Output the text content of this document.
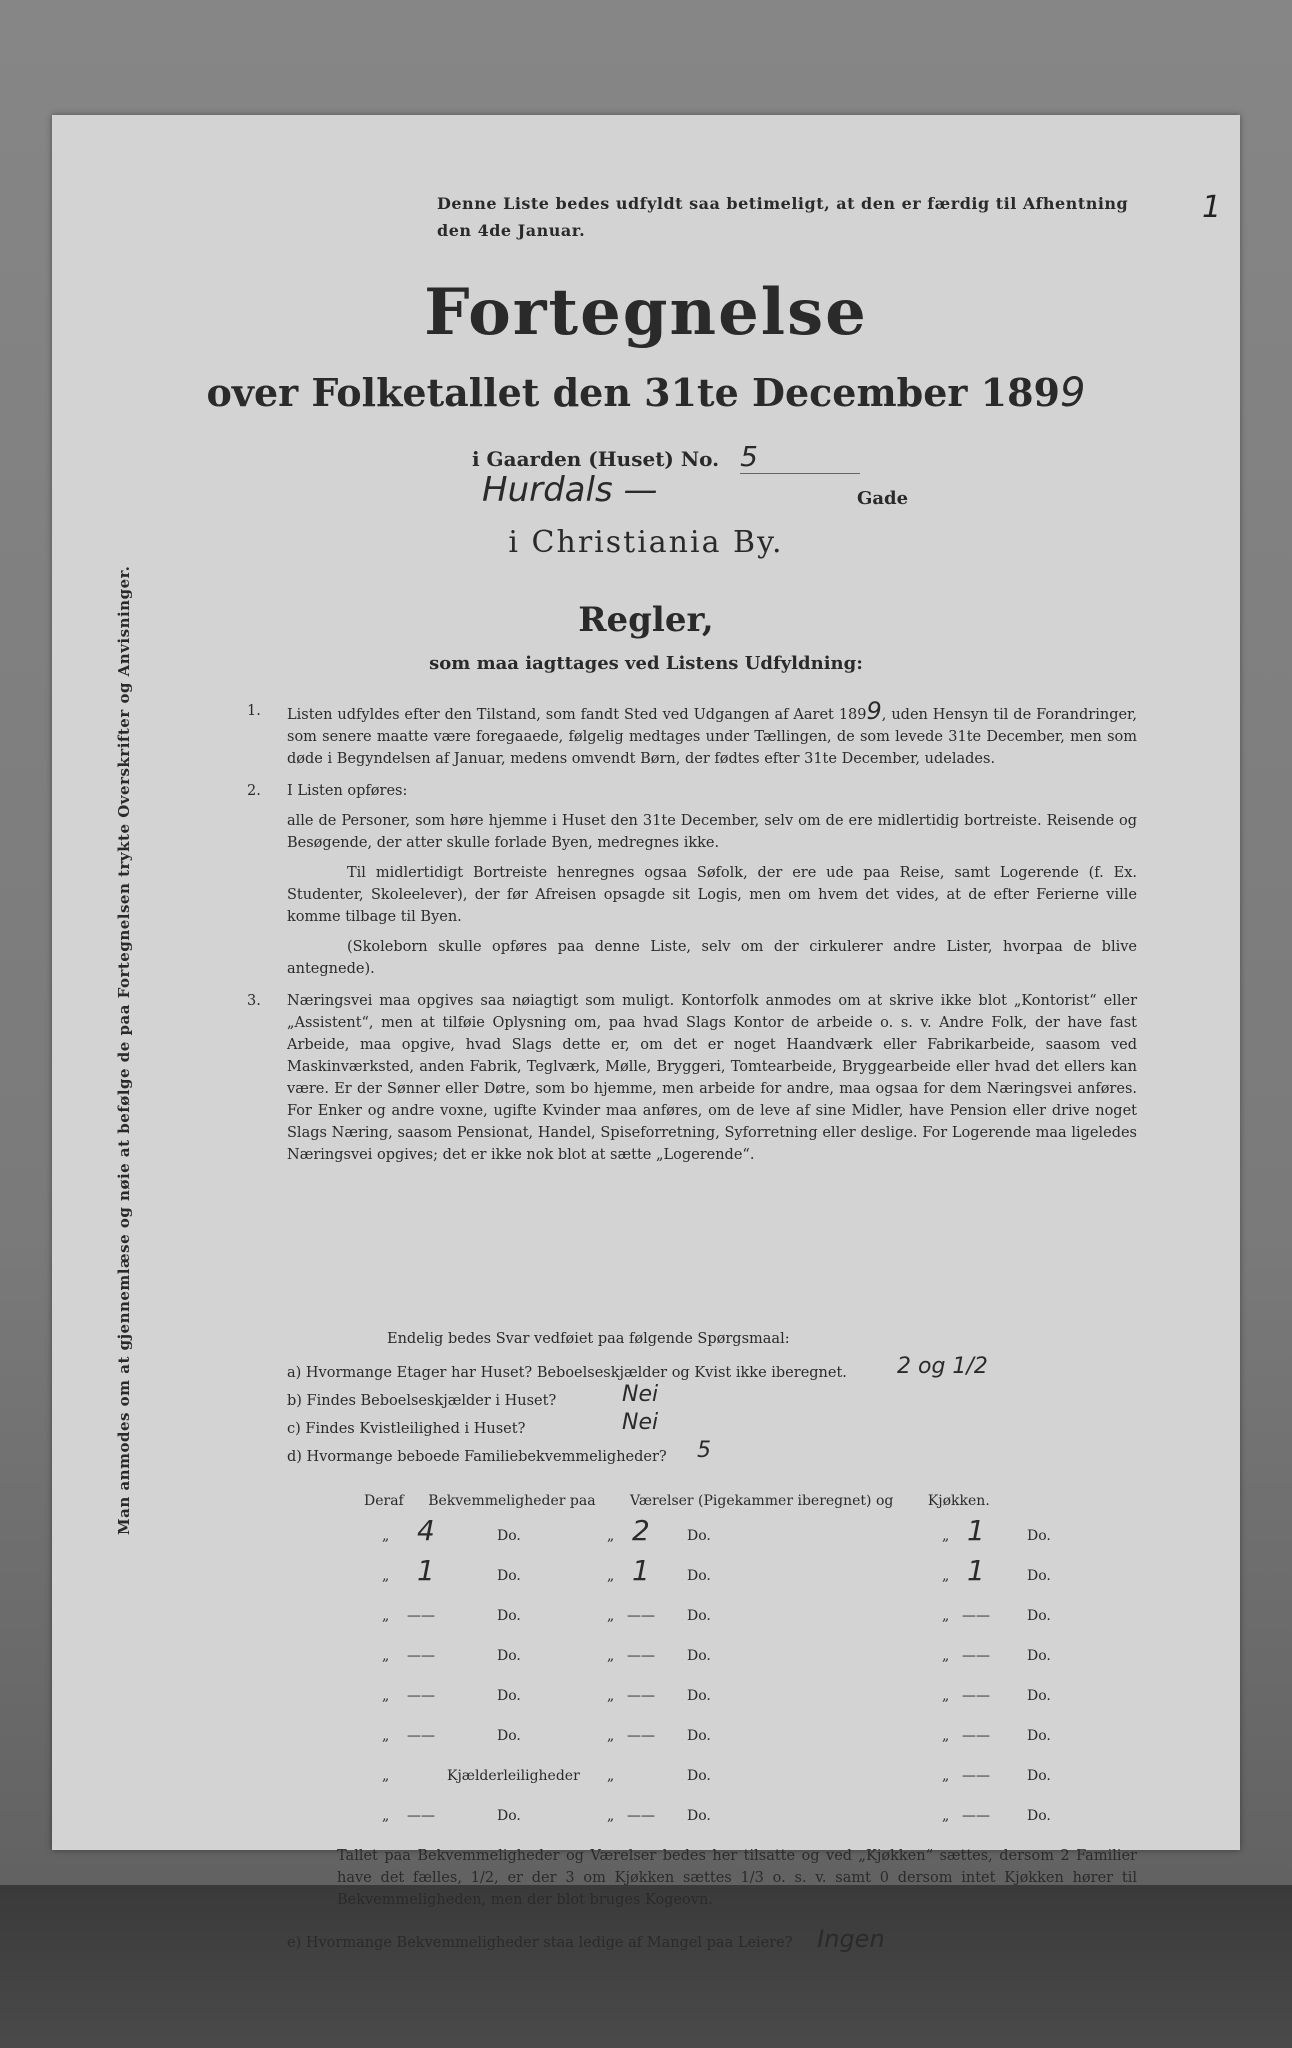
1
Denne Liste bedes udfyldt saa betimeligt, at den er færdig til Afhentning den 4de Januar.
Fortegnelse
over Folketallet den 31te December 1899
i Gaarden (Huset) No. 5
Hurdals —	Gade
i Christiania By.
Regler,
som maa iagttages ved Listens Udfyldning:
1. Listen udfyldes efter den Tilstand, som fandt Sted ved Udgangen af Aaret 1899, uden Hensyn til de Forandringer, som senere maatte være foregaaede, følgelig medtages under Tællingen, de som levede 31te December, men som døde i Begyndelsen af Januar, medens omvendt Børn, der fødtes efter 31te December, udelades.

2. I Listen opføres:

alle de Personer, som høre hjemme i Huset den 31te December, selv om de ere midlertidig bortreiste. Reisende og Besøgende, der atter skulle forlade Byen, medregnes ikke.

Til midlertidigt Bortreiste henregnes ogsaa Søfolk, der ere ude paa Reise, samt Logerende (f. Ex. Studenter, Skoleelever), der før Afreisen opsagde sit Logis, men om hvem det vides, at de efter Ferierne ville komme tilbage til Byen.

(Skoleborn skulle opføres paa denne Liste, selv om der cirkulerer andre Lister, hvorpaa de blive antegnede).

3. Næringsvei maa opgives saa nøiagtigt som muligt. Kontorfolk anmodes om at skrive ikke blot „Kontorist“ eller „Assistent“, men at tilføie Oplysning om, paa hvad Slags Kontor de arbeide o. s. v. Andre Folk, der have fast Arbeide, maa opgive, hvad Slags dette er, om det er noget Haandværk eller Fabrikarbeide, saasom ved Maskinværksted, anden Fabrik, Teglværk, Mølle, Bryggeri, Tomtearbeide, Bryggearbeide eller hvad det ellers kan være. Er der Sønner eller Døtre, som bo hjemme, men arbeide for andre, maa ogsaa for dem Næringsvei anføres. For Enker og andre voxne, ugifte Kvinder maa anføres, om de leve af sine Midler, have Pension eller drive noget Slags Næring, saasom Pensionat, Handel, Spiseforretning, Syforretning eller deslige. For Logerende maa ligeledes Næringsvei opgives; det er ikke nok blot at sætte „Logerende“.

Endelig bedes Svar vedføiet paa følgende Spørgsmaal:
a) Hvormange Etager har Huset? Beboelseskjælder og Kvist ikke iberegnet. 2 og 1/2
b) Findes Beboelseskjælder i Huset?	Nei
c) Findes Kvistleilighed i Huset?	Nei
d) Hvormange beboede Familiebekvemmeligheder? 5
Deraf Bekvemmeligheder paa Værelser (Pigekammer iberegnet) og Kjøkken.
„ 4	Do.	„ 2	Do.	„ 1	Do.
„ 1	Do.	„ 1	Do.	„ 1	Do.
„ ——	Do.	„ —— Do.	„ ——	Do.
„ ——	Do.	„ —— Do.	„ ——	Do.
„ ——	Do.	„ —— Do.	„ ——	Do.
„ ——	Do.	„ —— Do.	„ ——	Do.
„	Kjælderleiligheder „	Do.	„ ——	Do.
„ ——	Do.	„ —— Do.	„ ——	Do.
Tallet paa Bekvemmeligheder og Værelser bedes her tilsatte og ved „Kjøkken“ sættes, dersom 2 Familier have det fælles, 1/2, er der 3 om Kjøkken sættes 1/3 o. s. v. samt 0 dersom intet Kjøkken hører til Bekvemmeligheden, men der blot bruges Kogeovn.
e) Hvormange Bekvemmeligheder staa ledige af Mangel paa Leiere? Ingen
Man anmodes om at gjennemlæse og nøie at befølge de paa Fortegnelsen trykte Overskrifter og Anvisninger.
